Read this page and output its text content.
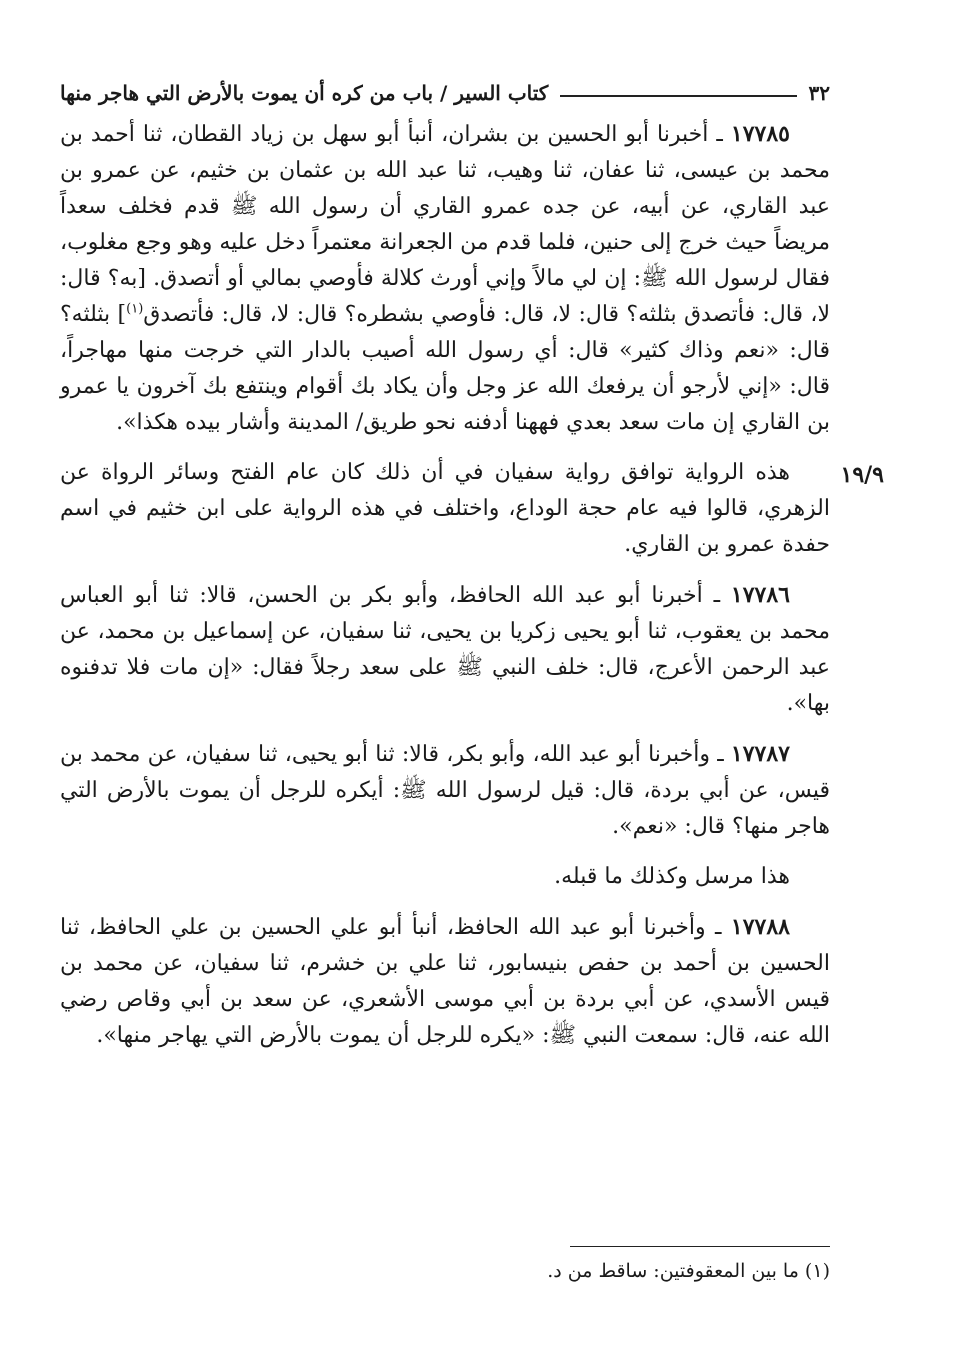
٣٢
كتاب السير / باب من كره أن يموت بالأرض التي هاجر منها
١٩/٩

١٧٧٨٥ ـ أخبرنا أبو الحسين بن بشران، أنبأ أبو سهل بن زياد القطان، ثنا أحمد بن محمد بن عيسى، ثنا عفان، ثنا وهيب، ثنا عبد الله بن عثمان بن خثيم، عن عمرو بن عبد القاري، عن أبيه، عن جده عمرو القاري أن رسول الله ﷺ قدم فخلف سعداً مريضاً حيث خرج إلى حنين، فلما قدم من الجعرانة معتمراً دخل عليه وهو وجع مغلوب، فقال لرسول الله ﷺ: إن لي مالاً وإني أورث كلالة فأوصي بمالي أو أتصدق. [به؟ قال: لا، قال: فأتصدق بثلثه؟ قال: لا، قال: فأوصي بشطره؟ قال: لا، قال: فأتصدق$^{(١)}$] بثلثه؟ قال: «نعم وذاك كثير» قال: أي رسول الله أصيب بالدار التي خرجت منها مهاجراً، قال: «إني لأرجو أن يرفعك الله عز وجل وأن يكاد بك أقوام وينتفع بك آخرون يا عمرو بن القاري إن مات سعد بعدي فههنا أدفنه نحو طريق/ المدينة وأشار بيده هكذا».

هذه الرواية توافق رواية سفيان في أن ذلك كان عام الفتح وسائر الرواة عن الزهري، قالوا فيه عام حجة الوداع، واختلف في هذه الرواية على ابن خثيم في اسم حفدة عمرو بن القاري.

١٧٧٨٦ ـ أخبرنا أبو عبد الله الحافظ، وأبو بكر بن الحسن، قالا: ثنا أبو العباس محمد بن يعقوب، ثنا أبو يحيى زكريا بن يحيى، ثنا سفيان، عن إسماعيل بن محمد، عن عبد الرحمن الأعرج، قال: خلف النبي ﷺ على سعد رجلاً فقال: «إن مات فلا تدفنوه بها».

١٧٧٨٧ ـ وأخبرنا أبو عبد الله، وأبو بكر، قالا: ثنا أبو يحيى، ثنا سفيان، عن محمد بن قيس، عن أبي بردة، قال: قيل لرسول الله ﷺ: أيكره للرجل أن يموت بالأرض التي هاجر منها؟ قال: «نعم».

هذا مرسل وكذلك ما قبله.

١٧٧٨٨ ـ وأخبرنا أبو عبد الله الحافظ، أنبأ أبو علي الحسين بن علي الحافظ، ثنا الحسين بن أحمد بن حفص بنيسابور، ثنا علي بن خشرم، ثنا سفيان، عن محمد بن قيس الأسدي، عن أبي بردة بن أبي موسى الأشعري، عن سعد بن أبي وقاص رضي الله عنه، قال: سمعت النبي ﷺ: «يكره للرجل أن يموت بالأرض التي يهاجر منها».

(١) ما بين المعقوفتين: ساقط من د.
